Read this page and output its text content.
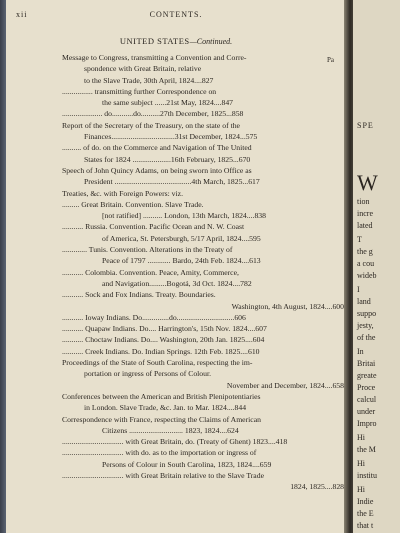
xii	CONTENTS.
UNITED STATES—Continued.
Pa
Message to Congress, transmitting a Convention and Corre-
spondence with Great Britain, relative
to the Slave Trade, 30th April, 1824....827
................ transmitting further Correspondence on
the same subject ......21st May, 1824....847
..................... do...........do..........27th December, 1825...858
Report of the Secretary of the Treasury, on the state of the
Finances.................................31st December, 1824...575
.......... of do. on the Commerce and Navigation of The United
States for 1824 ....................16th February, 1825...670
Speech of John Quincy Adams, on being sworn into Office as
President ........................................4th March, 1825...617
Treaties, &c. with Foreign Powers: viz.
......... Great Britain. Convention. Slave Trade.
[not ratified] .......... London, 13th March, 1824....838
........... Russia. Convention. Pacific Ocean and N. W. Coast
of America, St. Petersburgh, 5/17 April, 1824....595
............. Tunis. Convention. Alterations in the Treaty of
Peace of 1797 ............ Bardo, 24th Feb. 1824....613
........... Colombia. Convention. Peace, Amity, Commerce,
and Navigation.........Bogotá, 3d Oct. 1824....782
........... Sock and Fox Indians. Treaty. Boundaries.
Washington, 4th August, 1824....600
........... Ioway Indians. Do..............do..............................606
........... Quapaw Indians. Do.... Harrington's, 15th Nov. 1824....607
........... Choctaw Indians. Do.... Washington, 20th Jan. 1825....604
........... Creek Indians. Do. Indian Springs. 12th Feb. 1825....610
Proceedings of the State of South Carolina, respecting the im-
portation or ingress of Persons of Colour.
November and December, 1824....658
Conferences between the American and British Plenipotentiaries
in London. Slave Trade, &c. Jan. to Mar. 1824....844
Correspondence with France, respecting the Claims of American
Citizens ............................ 1823, 1824....624
................................ with Great Britain, do. (Treaty of Ghent) 1823....418
................................ with do. as to the importation or ingress of
Persons of Colour in South Carolina, 1823, 1824....659
................................ with Great Britain relative to the Slave Trade
1824, 1825....828
SPE
W
tion
incre
lated
T
the g
a cou
wideb
I
land
suppo
jesty,
of the
In
Britai
greate
Proce
calcul
under
Impro
Hi
the M
Hi
institu
Hi
Indie
the E
that t
